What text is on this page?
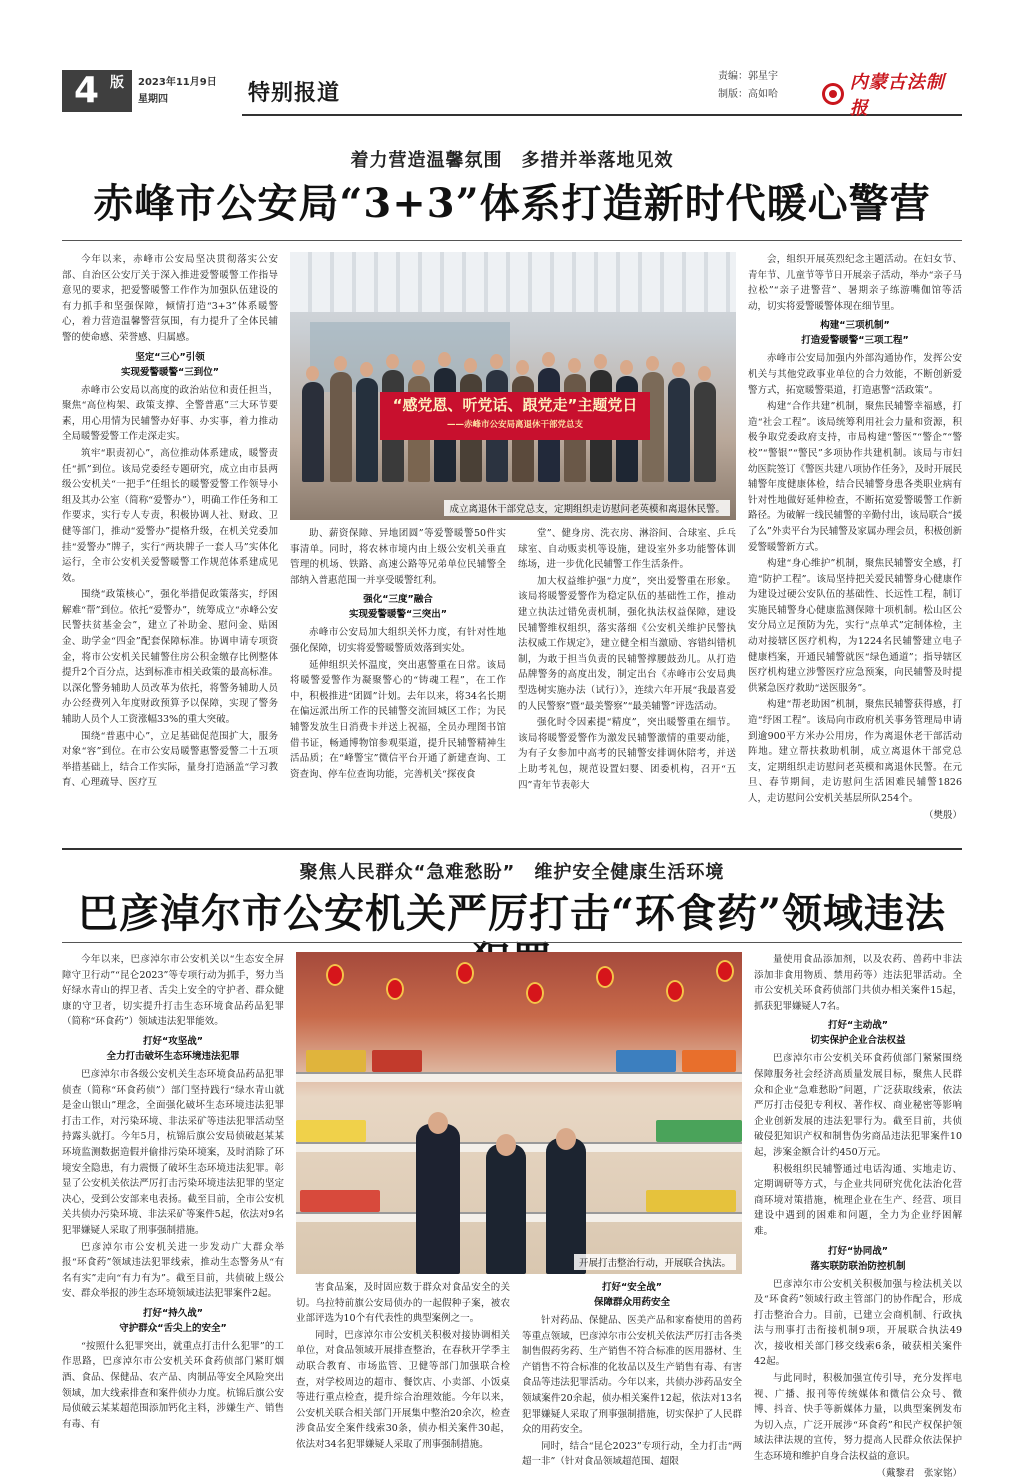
4 版 2023年11月9日
星期四	特别报道
责编：郭星宇
制版：高如哈
内蒙古法制报
着力营造温馨氛围　多措并举落地见效
赤峰市公安局“3+3”体系打造新时代暖心警营
“感党恩、听党话、跟党走”主题党日
——赤峰市公安局离退休干部党总支
成立离退休干部党总支，定期组织走访慰问老英模和离退休民警。

今年以来，赤峰市公安局坚决贯彻落实公安部、自治区公安厅关于深入推进爱警暖警工作指导意见的要求，把爱警暖警工作作为加强队伍建设的有力抓手和坚强保障，倾情打造“3+3”体系暖警心，着力营造温馨警营氛围，有力提升了全体民辅警的使命感、荣誉感、归属感。

坚定“三心”引领
实现爱警暖警“三到位”

赤峰市公安局以高度的政治站位和责任担当，聚焦“高位构架、政策支撑、全警普惠”三大环节要素，用心用情为民辅警办好事、办实事，着力推动全局暖警爱警工作走深走实。

筑牢“职责初心”，高位推动体系建成，暖警责任“抓”到位。该局党委经专题研究，成立由市县两级公安机关“一把手”任组长的暖警爱警工作领导小组及其办公室（简称“爱警办”），明确工作任务和工作要求，实行专人专责，积极协调人社、财政、卫健等部门，推动“爱警办”提格升级，在机关党委加挂“爱警办”牌子，实行“两块牌子一套人马”实体化运行，全市公安机关爱警暖警工作规范体系建成见效。

围绕“政策核心”，强化举措促政策落实，纾困解难“帮”到位。依托“爱警办”，统筹成立“赤峰公安民警扶贫基金会”，建立了补助金、慰问金、贴困金、助学金“四金”配套保障标准。协调申请专项资金，将市公安机关民辅警住房公积金缴存比例整体提升2个百分点，达到标准市相关政策的最高标准。以深化警务辅助人员改革为依托，将警务辅助人员办公经费列入年度财政预算予以保障，实现了警务辅助人员个人工资涨幅33%的重大突破。

围绕“普惠中心”，立足基础促范围扩大，服务对象“容”到位。在市公安局暖警惠警爱警二十五项举措基础上，结合工作实际，量身打造涵盖“学习教育、心理疏导、医疗互

助、薪资保障、异地团圆”等爱警暖警50件实事清单。同时，将农林市境内由上级公安机关垂直管理的机场、铁路、高速公路等兄弟单位民辅警全部纳入普惠范围一并享受暖警红利。

强化“三度”融合
实现爱警暖警“三突出”

赤峰市公安局加大组织关怀力度，有针对性地强化保障，切实将爱警暖警质效落到实处。

延伸组织关怀温度，突出惠警重在日常。该局将暖警爱警作为凝聚警心的“铸魂工程”，在工作中，积极推进“团圆”计划。去年以来，将34名长期在偏远派出所工作的民辅警交流回城区工作；为民辅警发放生日消费卡并送上祝福，全员办理图书馆借书证，畅通博物馆参观渠道，提升民辅警精神生活品质；在“峰警宝”微信平台开通了新建查询、工资查询、停车位查询功能，完善机关“探夜食

堂”、健身房、洗衣房、淋浴间、合球室、乒乓球室、自动贩卖机等设施，建设室外多功能警体训练场，进一步优化民辅警工作生活条件。

加大权益维护强“力度”，突出爱警重在形象。该局将暖警爱警作为稳定队伍的基础性工作，推动建立执法过错免责机制，强化执法权益保障，建设民辅警维权组织，落实落细《公安机关维护民警执法权威工作规定》，建立健全相当激励、容错纠错机制，为敢于担当负责的民辅警撑腰鼓劲儿。从打造品牌警务的高度出发，制定出台《赤峰市公安局典型选树实施办法（试行）》，连续六年开展“我最喜爱的人民警察”暨“最美警察”“最美辅警”评选活动。

强化时令因素提“精度”，突出暖警重在细节。该局将暖警爱警作为激发民辅警激情的重要动能，为有子女参加中高考的民辅警安排调休陪考，并送上助考礼包，规范设置妇婴、团委机构，召开“五四”青年节表彰大

会，组织开展英烈纪念主题活动。在妇女节、青年节、儿童节等节日开展亲子活动，举办“亲子马拉松”“亲子进警营”、暑期亲子练游嘴伽馆等活动，切实将爱警暖警体现在细节里。

构建“三项机制”
打造爱警暖警“三项工程”

赤峰市公安局加强内外部沟通协作，发挥公安机关与其他党政事业单位的合力效能，不断创新爱警方式，拓宽暖警渠道，打造惠警“活政策”。

构建“合作共建”机制，聚焦民辅警幸福感，打造“社会工程”。该局统筹利用社会力量和资源，积极争取党委政府支持，市局构建“警医”“警企”“警校”“警银”“警民”多项协作共建机制。该局与市妇幼医院签订《警医共建八项协作任务》，及时开展民辅警年度健康体检，结合民辅警身患各类职业病有针对性地做好延伸检查，不断拓宽爱警暖警工作新路径。为破解一线民辅警的辛勤付出，该局联合“援了么”外卖平台为民辅警及家属办理会员，积极创新爱警暖警新方式。

构建“身心维护”机制，聚焦民辅警安全感，打造“防护工程”。该局坚持把关爱民辅警身心健康作为建设过硬公安队伍的基础性、长远性工程，制订实施民辅警身心健康监测保障十项机制。松山区公安分局立足预防为先，实行“点单式”定制体检，主动对接辖区医疗机构，为1224名民辅警建立电子健康档案，开通民辅警就医“绿色通道”；指导辖区医疗机构建立涉警医疗应急预案，向民辅警及时提供紧急医疗救助“送医服务”。

构建“帮老助困”机制，聚焦民辅警获得感，打造“纾困工程”。该局向市政府机关事务管理局申请到逾900平方米办公用房，作为离退休老干部活动阵地。建立帮扶救助机制，成立离退休干部党总支，定期组织走访慰问老英模和离退休民警。在元旦、春节期间，走访慰问生活困难民辅警1826人，走访慰问公安机关基层所队254个。

（樊殷）

聚焦人民群众“急难愁盼”　维护安全健康生活环境
巴彦淖尔市公安机关严厉打击“环食药”领域违法
开展打击整治行动，开展联合执法。

今年以来，巴彦淖尔市公安机关以“生态安全屏障守卫行动”“昆仑2023”等专项行动为抓手，努力当好绿水青山的捍卫者、舌尖上安全的守护者、群众健康的守卫者，切实提升打击生态环境食品药品犯罪（简称“环食药”）领域违法犯罪能效。

打好“攻坚战”
全力打击破坏生态环境违法犯罪

巴彦淖尔市各级公安机关生态环境食品药品犯罪侦查（简称“环食药侦”）部门坚持践行“绿水青山就是金山银山”理念，全面强化破坏生态环境违法犯罪打击工作，对污染环境、非法采矿等违法犯罪活动坚持露头就打。今年5月，杭锦后旗公安局侦破赵某某环境监测数据造假并偷排污染环境案，及时消除了环境安全隐患，有力震慑了破坏生态环境违法犯罪。彰显了公安机关依法严厉打击污染环境违法犯罪的坚定决心，受到公安部来电表扬。截至目前，全市公安机关共侦办污染环境、非法采矿等案件5起，依法对9名犯罪嫌疑人采取了刑事强制措施。

巴彦淖尔市公安机关进一步发动广大群众举报“环食药”领域违法犯罪线索，推动生态警务从“有名有实”走向“有力有为”。截至目前，共侦破上级公安、群众举报的涉生态环境领域违法犯罪案件2起。

打好“持久战”
守护群众“舌尖上的安全”

“按照什么犯罪突出，就重点打击什么犯罪”的工作思路，巴彦淖尔市公安机关环食药侦部门紧盯烟酒、食品、保健品、农产品、肉制品等安全风险突出领域，加大线索排查和案件侦办力度。杭锦后旗公安局侦破云某某超范围添加钙化主料，涉嫌生产、销售有毒、有

害食品案，及时固应数于群众对食品安全的关切。乌拉特前旗公安局侦办的一起假种子案，被农业部评选为10个有代表性的典型案例之一。

同时，巴彦淖尔市公安机关积极对接协调相关单位，对食品领域开展排查整治，在春秋开学季主动联合教育、市场监管、卫健等部门加强联合检查，对学校周边的超市、餐饮店、小卖部、小饭桌等进行重点检查，提升综合治理效能。今年以来，公安机关联合相关部门开展集中整治20余次，检查涉食品安全案件线索30条，侦办相关案件30起，依法对34名犯罪嫌疑人采取了刑事强制措施。

打好“安全战”
保障群众用药安全

针对药品、保健品、医美产品和家畜使用的兽药等重点领域，巴彦淖尔市公安机关依法严厉打击各类制售假药劣药、生产销售不符合标准的医用器材、生产销售不符合标准的化妆品以及生产销售有毒、有害食品等违法犯罪活动。今年以来，共侦办涉药品安全领域案件20余起，侦办相关案件12起，依法对13名犯罪嫌疑人采取了刑事强制措施，切实保护了人民群众的用药安全。

同时，结合“昆仑2023”专项行动，全力打击“两超一非”（针对食品领域超范围、超限

量使用食品添加剂，以及农药、兽药中非法添加非食用物质、禁用药等）违法犯罪活动。全市公安机关环食药侦部门共侦办相关案件15起，抓获犯罪嫌疑人7名。

打好“主动战”
切实保护企业合法权益

巴彦淖尔市公安机关环食药侦部门紧紧围绕保障服务社会经济高质量发展目标，聚焦人民群众和企业“急难愁盼”问题，广泛获取线索，依法严厉打击侵犯专利权、著作权、商业秘密等影响企业创新发展的违法犯罪行为。截至目前，共侦破侵犯知识产权和制售伪劣商品违法犯罪案件10起，涉案金额合计约450万元。

积极组织民辅警通过电话沟通、实地走访、定期调研等方式，与企业共同研究优化法治化营商环境对策措施，梳理企业在生产、经营、项目建设中遇到的困难和问题，全力为企业纾困解难。

打好“协同战”
落实联防联治防控机制

巴彦淖尔市公安机关积极加强与检法机关以及“环食药”领域行政主管部门的协作配合，形成打击整治合力。目前，已建立会商机制、行政执法与刑事打击衔接机制9项，开展联合执法49次，接收相关部门移交线索6条，破获相关案件42起。

与此同时，积极加强宣传引导，充分发挥电视、广播、报刊等传统媒体和微信公众号、微博、抖音、快手等新媒体力量，以典型案例发布为切入点，广泛开展涉“环食药”和民产权保护领域法律法规的宣传，努力提高人民群众依法保护生态环境和维护自身合法权益的意识。

（戴黎君　张家铭）
